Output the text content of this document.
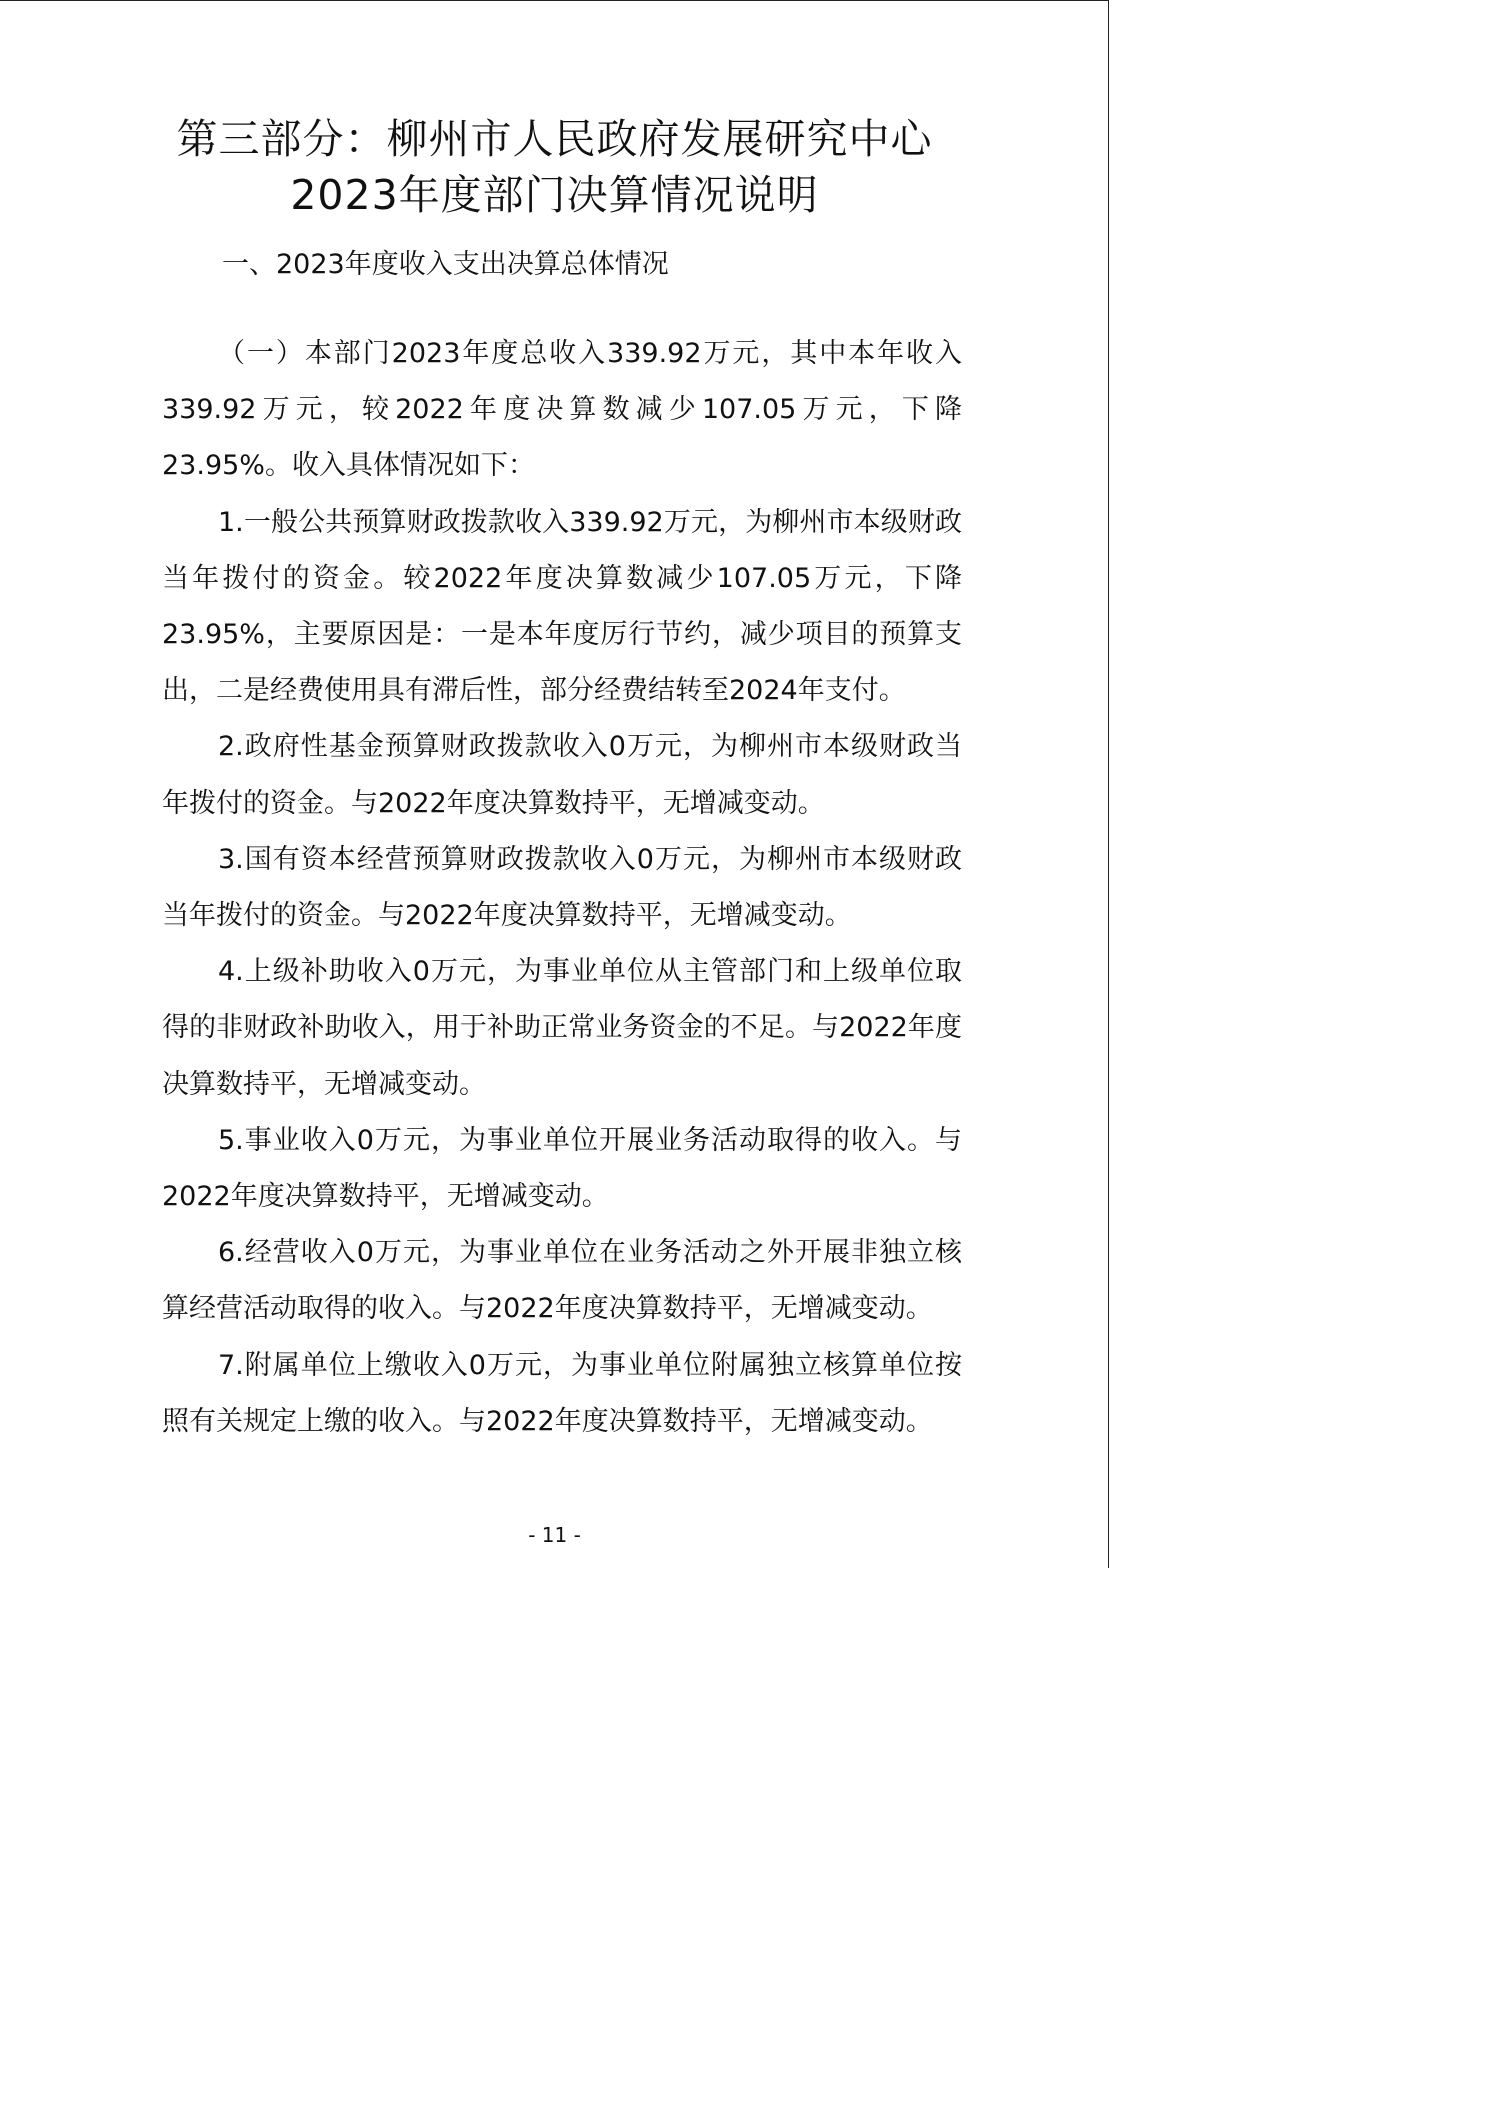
第三部分：柳州市人民政府发展研究中心
2023年度部门决算情况说明
一、2023年度收入支出决算总体情况

（一）本部门2023年度总收入339.92万元，其中本年收入339.92万元，较2022年度决算数减少107.05万元，下降23.95%。收入具体情况如下：

1.一般公共预算财政拨款收入339.92万元，为柳州市本级财政当年拨付的资金。较2022年度决算数减少107.05万元，下降23.95%，主要原因是：一是本年度厉行节约，减少项目的预算支出，二是经费使用具有滞后性，部分经费结转至2024年支付。

2.政府性基金预算财政拨款收入0万元，为柳州市本级财政当年拨付的资金。与2022年度决算数持平，无增减变动。

3.国有资本经营预算财政拨款收入0万元，为柳州市本级财政当年拨付的资金。与2022年度决算数持平，无增减变动。

4.上级补助收入0万元，为事业单位从主管部门和上级单位取得的非财政补助收入，用于补助正常业务资金的不足。与2022年度决算数持平，无增减变动。

5.事业收入0万元，为事业单位开展业务活动取得的收入。与2022年度决算数持平，无增减变动。

6.经营收入0万元，为事业单位在业务活动之外开展非独立核算经营活动取得的收入。与2022年度决算数持平，无增减变动。

7.附属单位上缴收入0万元，为事业单位附属独立核算单位按照有关规定上缴的收入。与2022年度决算数持平，无增减变动。

- 11 -
